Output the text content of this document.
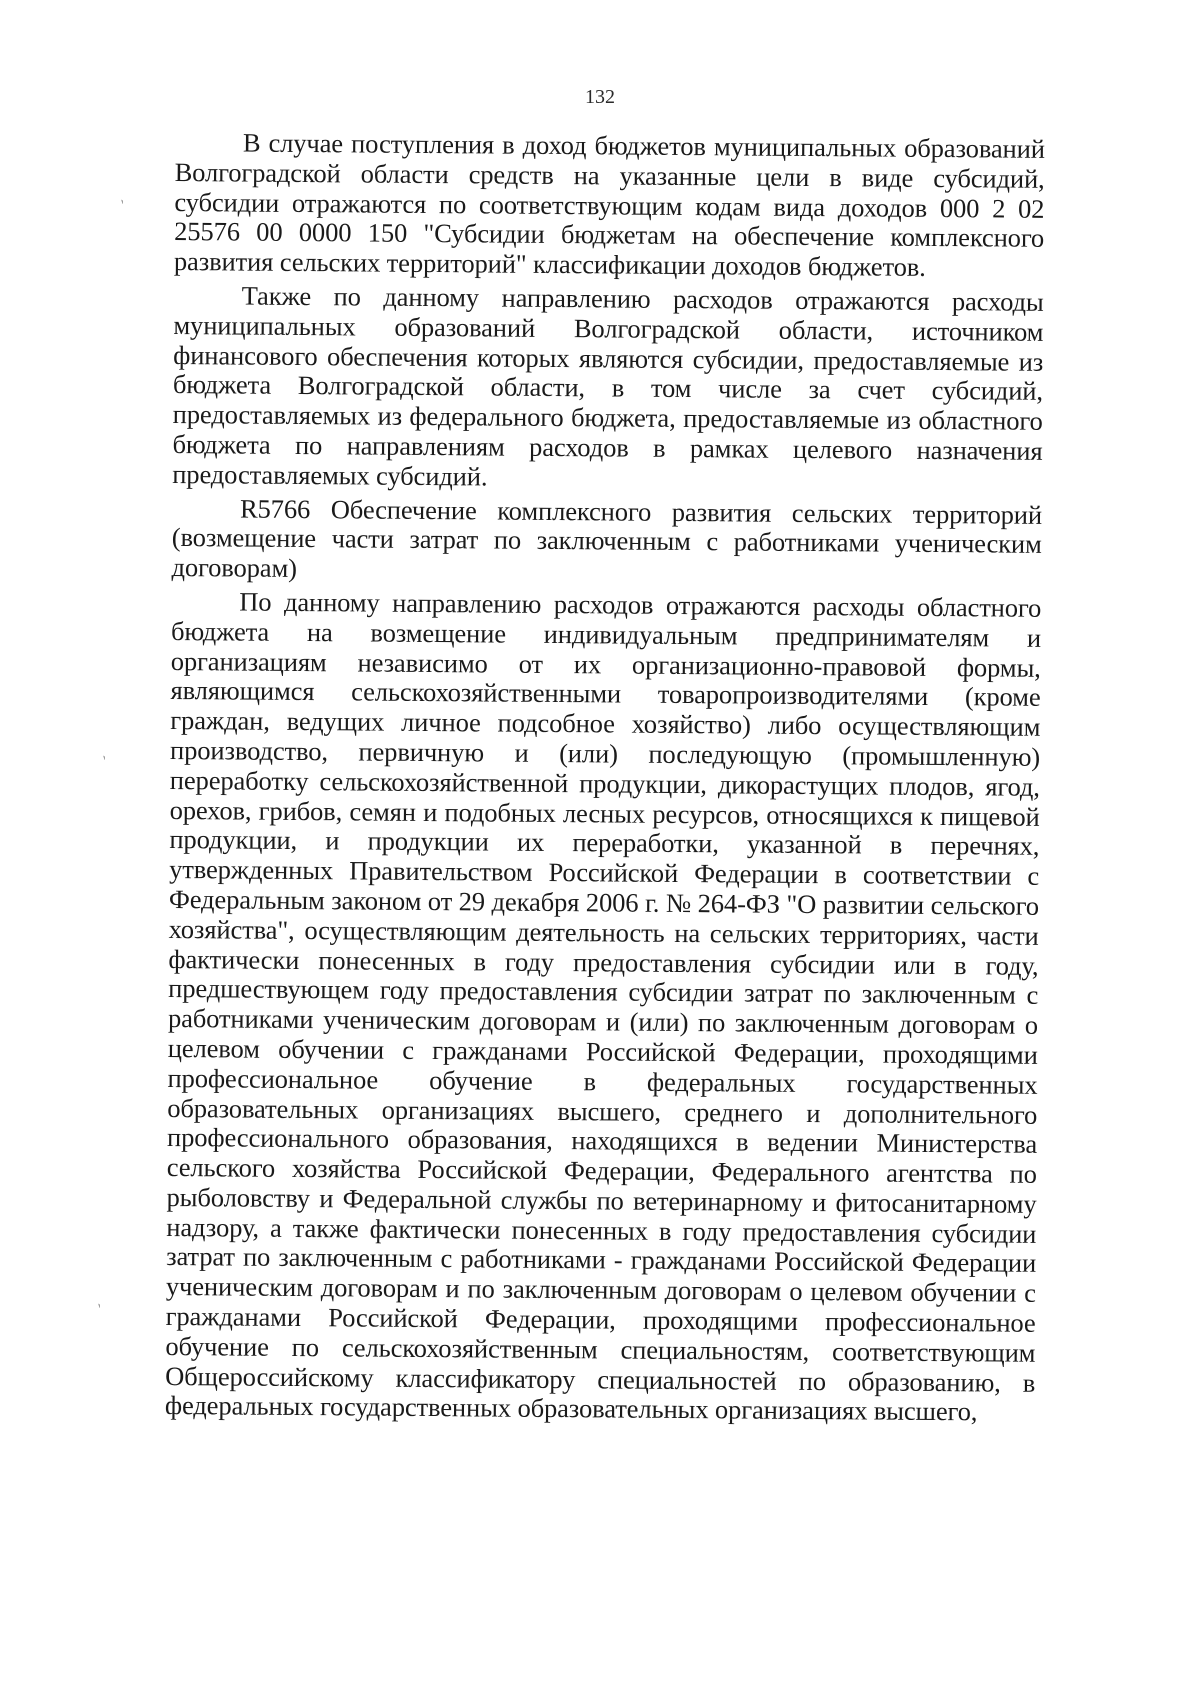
132
`
`
`

В случае поступления в доход бюджетов муниципальных образований Волгоградской области средств на указанные цели в виде субсидий, субсидии отражаются по соответствующим кодам вида доходов 000 2 02 25576 00 0000 150 "Субсидии бюджетам на обеспечение комплексного развития сельских территорий" классификации доходов бюджетов.

Также по данному направлению расходов отражаются расходы муниципальных образований Волгоградской области, источником финансового обеспечения которых являются субсидии, предоставляемые из бюджета Волгоградской области, в том числе за счет субсидий, предоставляемых из федерального бюджета, предоставляемые из областного бюджета по направлениям расходов в рамках целевого назначения предоставляемых субсидий.

R5766 Обеспечение комплексного развития сельских территорий (возмещение части затрат по заключенным с работниками ученическим договорам)

По данному направлению расходов отражаются расходы областного бюджета на возмещение индивидуальным предпринимателям и организациям независимо от их организационно-правовой формы, являющимся сельскохозяйственными товаропроизводителями (кроме граждан, ведущих личное подсобное хозяйство) либо осуществляющим производство, первичную и (или) последующую (промышленную) переработку сельскохозяйственной продукции, дикорастущих плодов, ягод, орехов, грибов, семян и подобных лесных ресурсов, относящихся к пищевой продукции, и продукции их переработки, указанной в перечнях, утвержденных Правительством Российской Федерации в соответствии с Федеральным законом от 29 декабря 2006 г. № 264-ФЗ "О развитии сельского хозяйства", осуществляющим деятельность на сельских территориях, части фактически понесенных в году предоставления субсидии или в году, предшествующем году предоставления субсидии затрат по заключенным с работниками ученическим договорам и (или) по заключенным договорам о целевом обучении с гражданами Российской Федерации, проходящими профессиональное обучение в федеральных государственных образовательных организациях высшего, среднего и дополнительного профессионального образования, находящихся в ведении Министерства сельского хозяйства Российской Федерации, Федерального агентства по рыболовству и Федеральной службы по ветеринарному и фитосанитарному надзору, а также фактически понесенных в году предоставления субсидии затрат по заключенным с работниками - гражданами Российской Федерации ученическим договорам и по заключенным договорам о целевом обучении с гражданами Российской Федерации, проходящими профессиональное обучение по сельскохозяйственным специальностям, соответствующим Общероссийскому классификатору специальностей по образованию, в федеральных государственных образовательных организациях высшего,
